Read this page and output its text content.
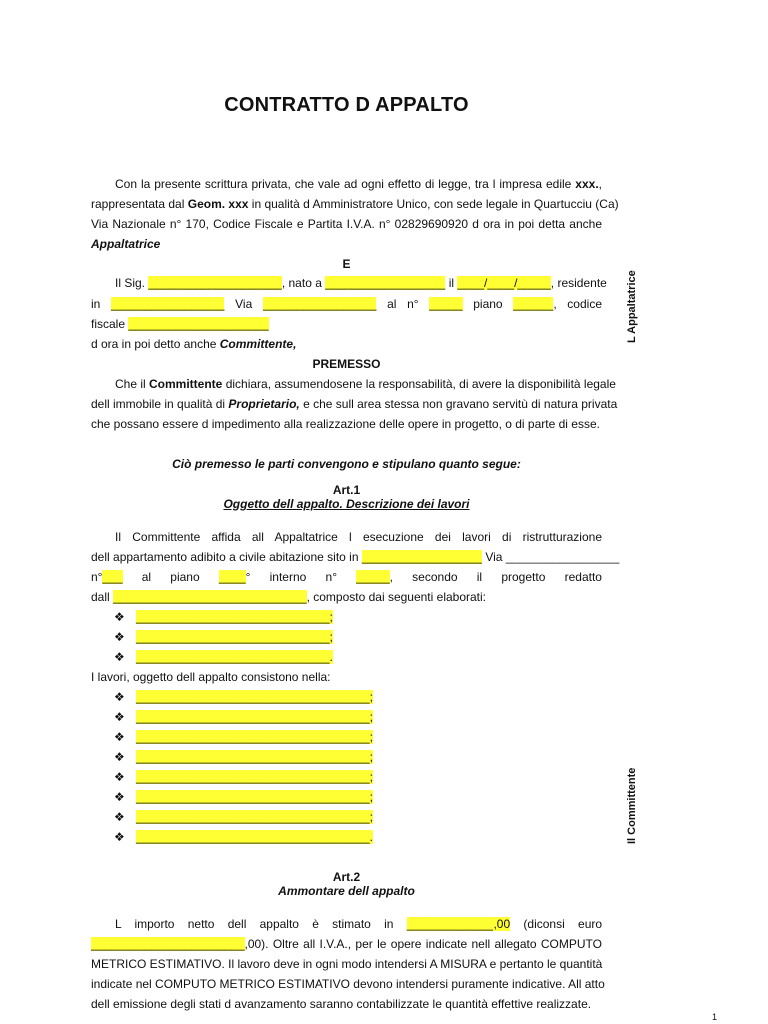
CONTRATTO D APPALTO
Con la presente scrittura privata, che vale ad ogni effetto di legge, tra l impresa edile xxx.,
rappresentata dal Geom. xxx in qualità d Amministratore Unico, con sede legale in Quartucciu (Ca)
Via Nazionale n° 170, Codice Fiscale e Partita I.V.A. n° 02829690920 d ora in poi detta anche
Appaltatrice
E
Il Sig. ____________________, nato a __________________ il ____/____/_____, residente
in _________________ Via _________________ al n° _____ piano ______, codice
fiscale _____________________
d ora in poi detto anche Committente,
PREMESSO
Che il Committente dichiara, assumendosene la responsabilità, di avere la disponibilità legale
dell immobile in qualità di Proprietario, e che sull area stessa non gravano servitù di natura privata
che possano essere d impedimento alla realizzazione delle opere in progetto, o di parte di esse.
Ciò premesso le parti convengono e stipulano quanto segue:
Art.1
Oggetto dell appalto. Descrizione dei lavori
Il Committente affida all Appaltatrice l esecuzione dei lavori di ristrutturazione
dell appartamento adibito a civile abitazione sito in __________________ Via _________________
n°___ al piano ____° interno n° _____, secondo il progetto redatto
dall _____________________________, composto dai seguenti elaborati:
❖ _____________________________;
❖ _____________________________;
❖ _____________________________.
I lavori, oggetto dell appalto consistono nella:
❖ ___________________________________;
❖ ___________________________________;
❖ ___________________________________;
❖ ___________________________________;
❖ ___________________________________;
❖ ___________________________________;
❖ ___________________________________;
❖ ___________________________________.
Art.2
Ammontare dell appalto
L importo netto dell appalto è stimato in _____________,00 (diconsi euro
_______________________,00). Oltre all I.V.A., per le opere indicate nell allegato COMPUTO
METRICO ESTIMATIVO. Il lavoro deve in ogni modo intendersi A MISURA e pertanto le quantità
indicate nel COMPUTO METRICO ESTIMATIVO devono intendersi puramente indicative. All atto
dell emissione degli stati d avanzamento saranno contabilizzate le quantità effettive realizzate.
L Appaltatrice
Il Committente
1
